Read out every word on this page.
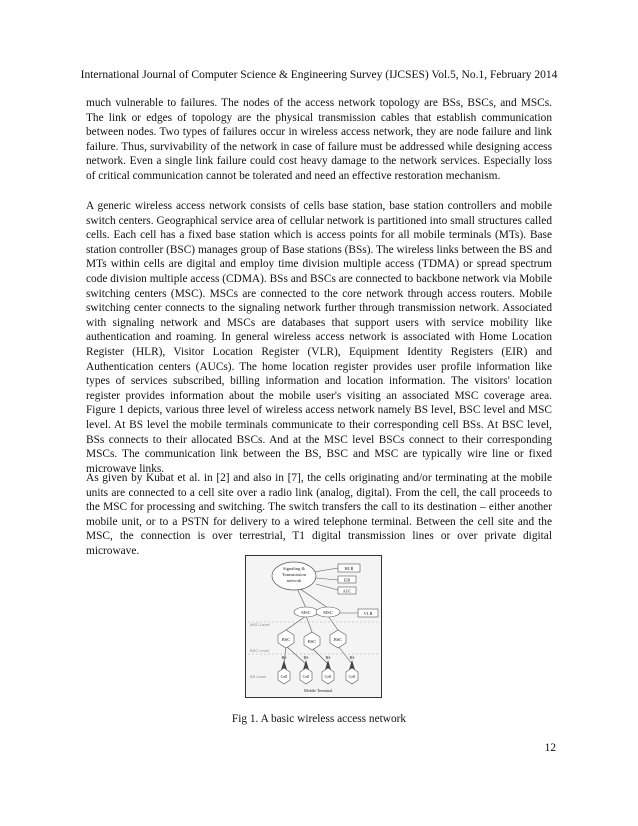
International Journal of Computer Science & Engineering Survey (IJCSES) Vol.5, No.1, February 2014

much vulnerable to failures. The nodes of the access network topology are BSs, BSCs, and MSCs. The link or edges of topology are the physical transmission cables that establish communication between nodes. Two types of failures occur in wireless access network, they are node failure and link failure. Thus, survivability of the network in case of failure must be addressed while designing access network. Even a single link failure could cost heavy damage to the network services. Especially loss of critical communication cannot be tolerated and need an effective restoration mechanism.

A generic wireless access network consists of cells base station, base station controllers and mobile switch centers. Geographical service area of cellular network is partitioned into small structures called cells. Each cell has a fixed base station which is access points for all mobile terminals (MTs). Base station controller (BSC) manages group of Base stations (BSs). The wireless links between the BS and MTs within cells are digital and employ time division multiple access (TDMA) or spread spectrum code division multiple access (CDMA). BSs and BSCs are connected to backbone network via Mobile switching centers (MSC). MSCs are connected to the core network through access routers. Mobile switching center connects to the signaling network further through transmission network. Associated with signaling network and MSCs are databases that support users with service mobility like authentication and roaming. In general wireless access network is associated with Home Location Register (HLR), Visitor Location Register (VLR), Equipment Identity Registers (EIR) and Authentication centers (AUCs). The home location register provides user profile information like types of services subscribed, billing information and location information. The visitors' location register provides information about the mobile user's visiting an associated MSC coverage area. Figure 1 depicts, various three level of wireless access network namely BS level, BSC level and MSC level. At BS level the mobile terminals communicate to their corresponding cell BSs. At BSC level, BSs connects to their allocated BSCs. And at the MSC level BSCs connect to their corresponding MSCs. The communication link between the BS, BSC and MSC are typically wire line or fixed microwave links.

As given by Kubat et al. in [2] and also in [7], the cells originating and/or terminating at the mobile units are connected to a cell site over a radio link (analog, digital). From the cell, the call proceeds to the MSC for processing and switching. The switch transfers the call to its destination – either another mobile unit, or to a PSTN for delivery to a wired telephone terminal. Between the cell site and the MSC, the connection is over terrestrial, T1 digital transmission lines or over private digital microwave.

Signaling &
Transmission
network
HLR
EIR
AUC
VLR
MSC	MSC
BSC	BSC	BSC
BS	BS	BS	BS
Cell	Cell	Cell	Cell
MSC Level
BSC Level
BS Level
Mobile Terminal
Fig 1. A basic wireless access network
12
